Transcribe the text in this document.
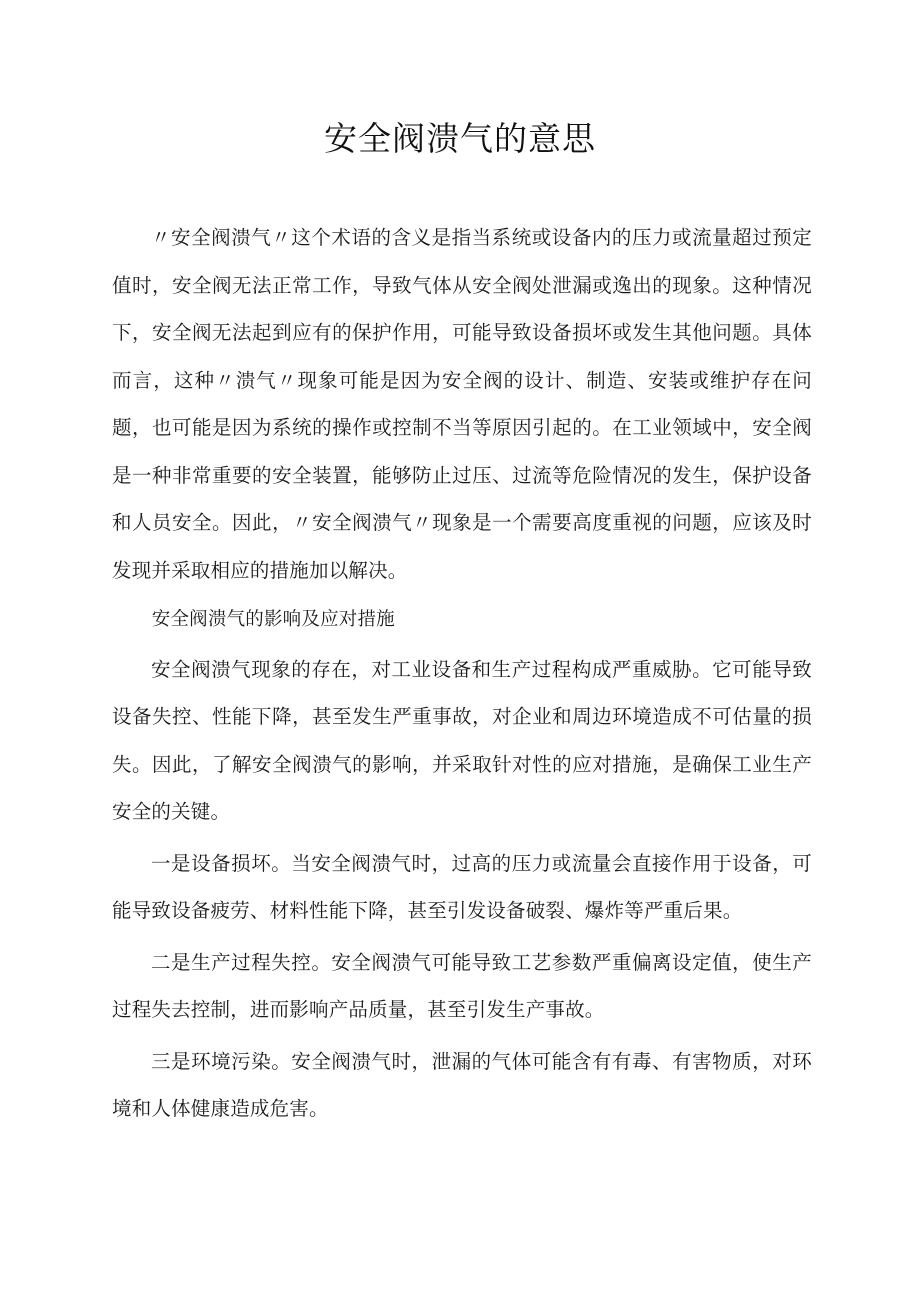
安全阀溃气的意思

〃安全阀溃气〃这个术语的含义是指当系统或设备内的压力或流量超过预定值时，安全阀无法正常工作，导致气体从安全阀处泄漏或逸出的现象。这种情况下，安全阀无法起到应有的保护作用，可能导致设备损坏或发生其他问题。具体而言，这种〃溃气〃现象可能是因为安全阀的设计、制造、安装或维护存在问题，也可能是因为系统的操作或控制不当等原因引起的。在工业领域中，安全阀是一种非常重要的安全装置，能够防止过压、过流等危险情况的发生，保护设备和人员安全。因此，〃安全阀溃气〃现象是一个需要高度重视的问题，应该及时发现并采取相应的措施加以解决。

安全阀溃气的影响及应对措施

安全阀溃气现象的存在，对工业设备和生产过程构成严重威胁。它可能导致设备失控、性能下降，甚至发生严重事故，对企业和周边环境造成不可估量的损失。因此，了解安全阀溃气的影响，并采取针对性的应对措施，是确保工业生产安全的关键。

一是设备损坏。当安全阀溃气时，过高的压力或流量会直接作用于设备，可能导致设备疲劳、材料性能下降，甚至引发设备破裂、爆炸等严重后果。

二是生产过程失控。安全阀溃气可能导致工艺参数严重偏离设定值，使生产过程失去控制，进而影响产品质量，甚至引发生产事故。

三是环境污染。安全阀溃气时，泄漏的气体可能含有有毒、有害物质，对环境和人体健康造成危害。
